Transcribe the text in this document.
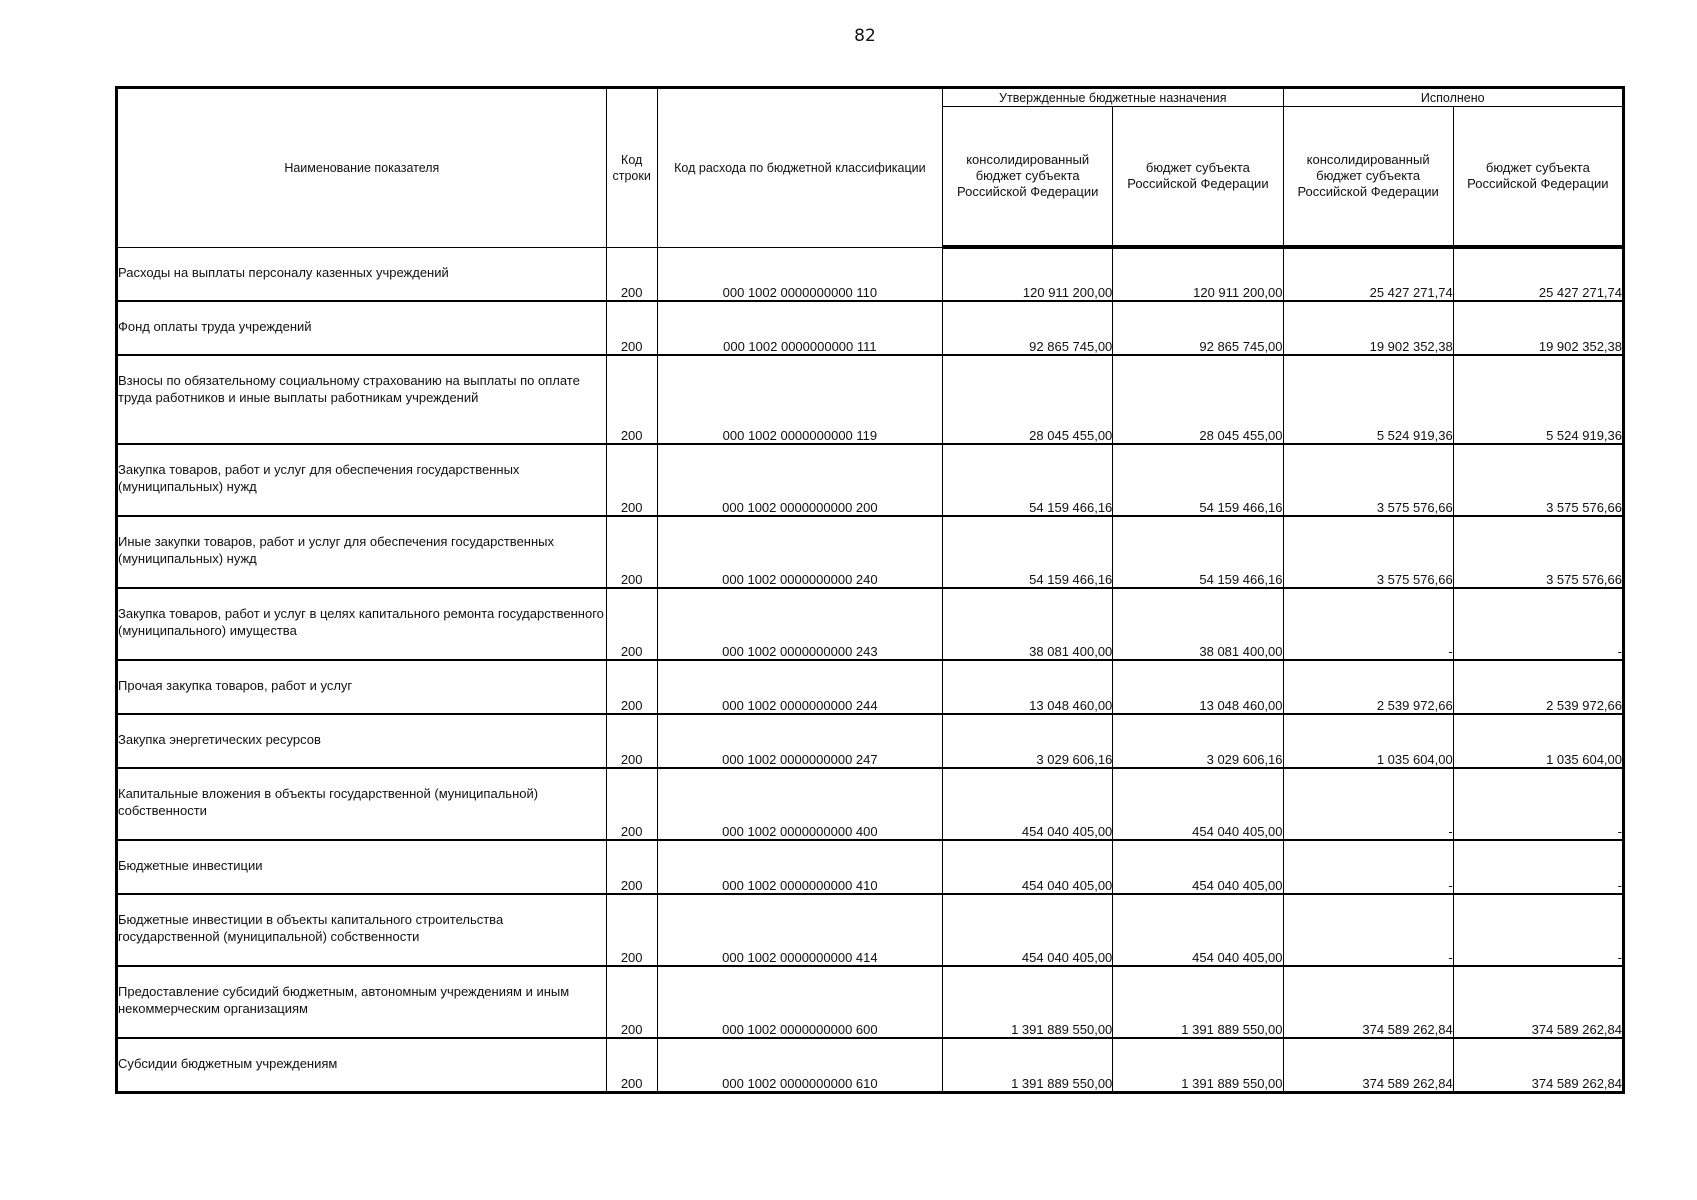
82
Наименование показателя	Код строки	Код расхода по бюджетной классификации	Утвержденные бюджетные назначения		Исполнено	
			консолидированный бюджет субъекта Российской Федерации	бюджет субъекта Российской Федерации	консолидированный бюджет субъекта Российской Федерации	бюджет субъекта Российской Федерации

Расходы на выплаты персоналу казенных учреждений	200	000 1002 0000000000 110	120 911 200,00	120 911 200,00	25 427 271,74	25 427 271,74

Фонд оплаты труда учреждений	200	000 1002 0000000000 111	92 865 745,00	92 865 745,00	19 902 352,38	19 902 352,38

Взносы по обязательному социальному страхованию на выплаты по оплате труда работников и иные выплаты работникам учреждений	200	000 1002 0000000000 119	28 045 455,00	28 045 455,00	5 524 919,36	5 524 919,36

Закупка товаров, работ и услуг для обеспечения государственных (муниципальных) нужд	200	000 1002 0000000000 200	54 159 466,16	54 159 466,16	3 575 576,66	3 575 576,66

Иные закупки товаров, работ и услуг для обеспечения государственных (муниципальных) нужд	200	000 1002 0000000000 240	54 159 466,16	54 159 466,16	3 575 576,66	3 575 576,66

Закупка товаров, работ и услуг в целях капитального ремонта государственного (муниципального) имущества	200	000 1002 0000000000 243	38 081 400,00	38 081 400,00	-	-

Прочая закупка товаров, работ и услуг	200	000 1002 0000000000 244	13 048 460,00	13 048 460,00	2 539 972,66	2 539 972,66

Закупка энергетических ресурсов	200	000 1002 0000000000 247	3 029 606,16	3 029 606,16	1 035 604,00	1 035 604,00

Капитальные вложения в объекты государственной (муниципальной) собственности	200	000 1002 0000000000 400	454 040 405,00	454 040 405,00	-	-

Бюджетные инвестиции	200	000 1002 0000000000 410	454 040 405,00	454 040 405,00	-	-

Бюджетные инвестиции в объекты капитального строительства государственной (муниципальной) собственности	200	000 1002 0000000000 414	454 040 405,00	454 040 405,00	-	-

Предоставление субсидий бюджетным, автономным учреждениям и иным некоммерческим организациям	200	000 1002 0000000000 600	1 391 889 550,00	1 391 889 550,00	374 589 262,84	374 589 262,84

Субсидии бюджетным учреждениям	200	000 1002 0000000000 610	1 391 889 550,00	1 391 889 550,00	374 589 262,84	374 589 262,84
